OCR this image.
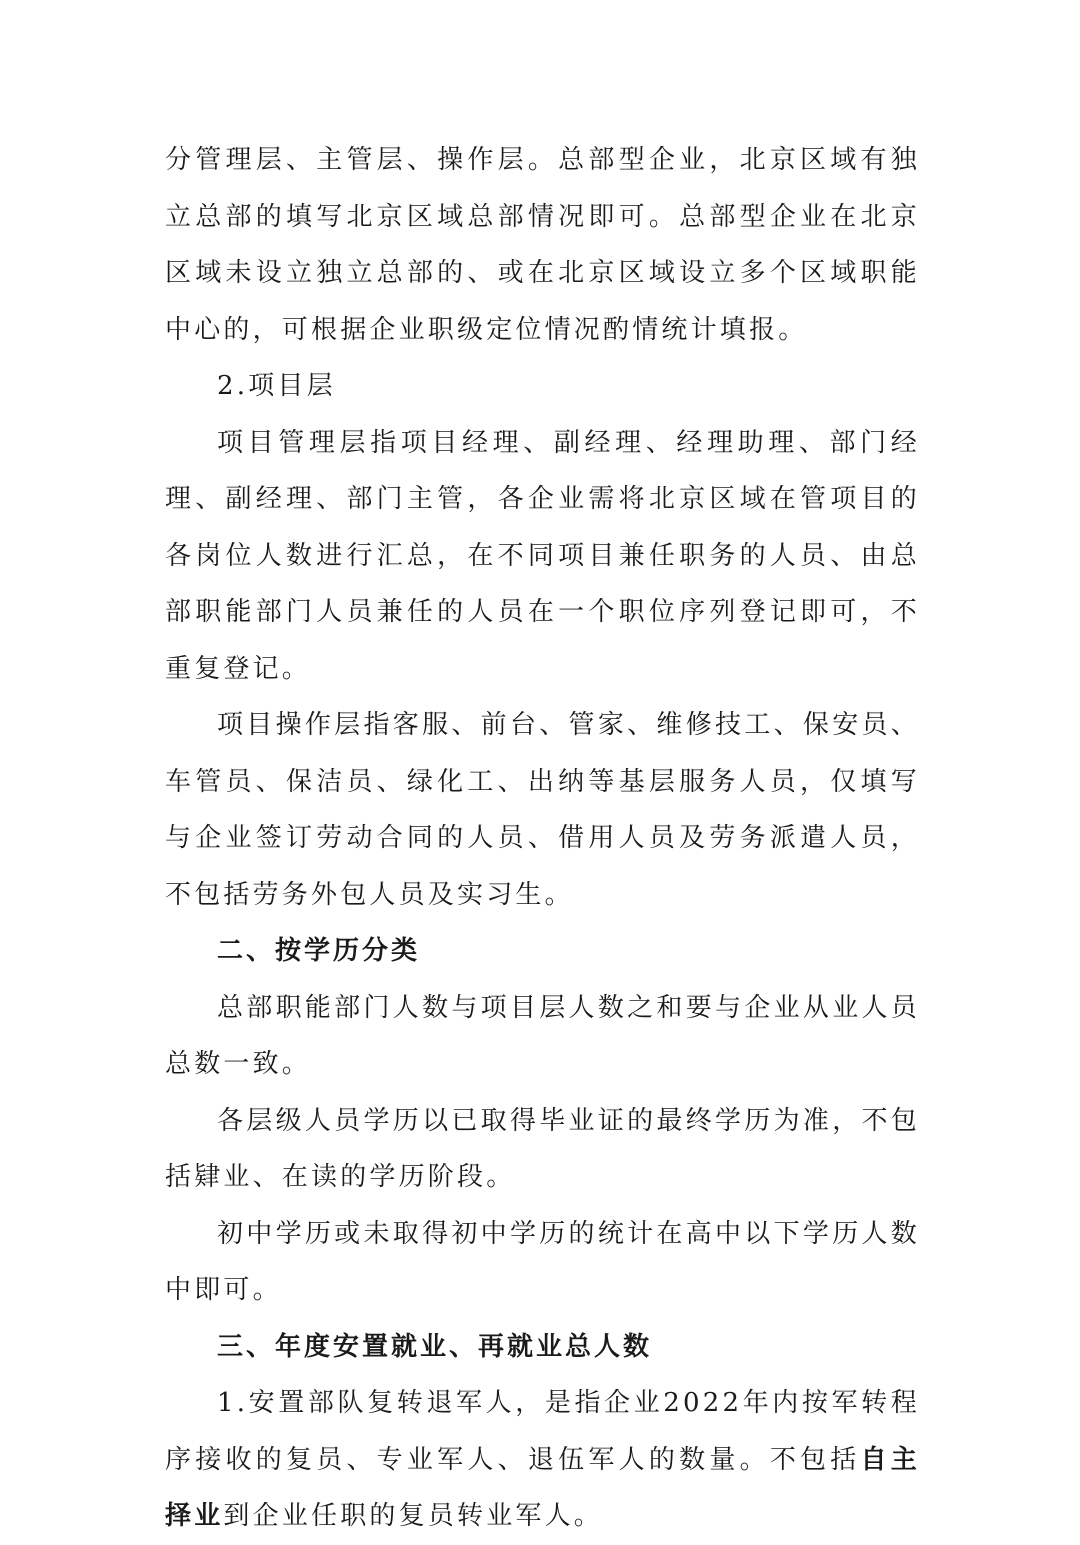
分管理层、主管层、操作层。总部型企业，北京区域有独立总部的填写北京区域总部情况即可。总部型企业在北京区域未设立独立总部的、或在北京区域设立多个区域职能中心的，可根据企业职级定位情况酌情统计填报。

2.项目层

项目管理层指项目经理、副经理、经理助理、部门经理、副经理、部门主管，各企业需将北京区域在管项目的各岗位人数进行汇总，在不同项目兼任职务的人员、由总部职能部门人员兼任的人员在一个职位序列登记即可，不重复登记。

项目操作层指客服、前台、管家、维修技工、保安员、车管员、保洁员、绿化工、出纳等基层服务人员，仅填写与企业签订劳动合同的人员、借用人员及劳务派遣人员，不包括劳务外包人员及实习生。

二、按学历分类

总部职能部门人数与项目层人数之和要与企业从业人员总数一致。

各层级人员学历以已取得毕业证的最终学历为准，不包括肄业、在读的学历阶段。

初中学历或未取得初中学历的统计在高中以下学历人数中即可。

三、年度安置就业、再就业总人数

1.安置部队复转退军人，是指企业2022年内按军转程序接收的复员、专业军人、退伍军人的数量。不包括自主择业到企业任职的复员转业军人。
